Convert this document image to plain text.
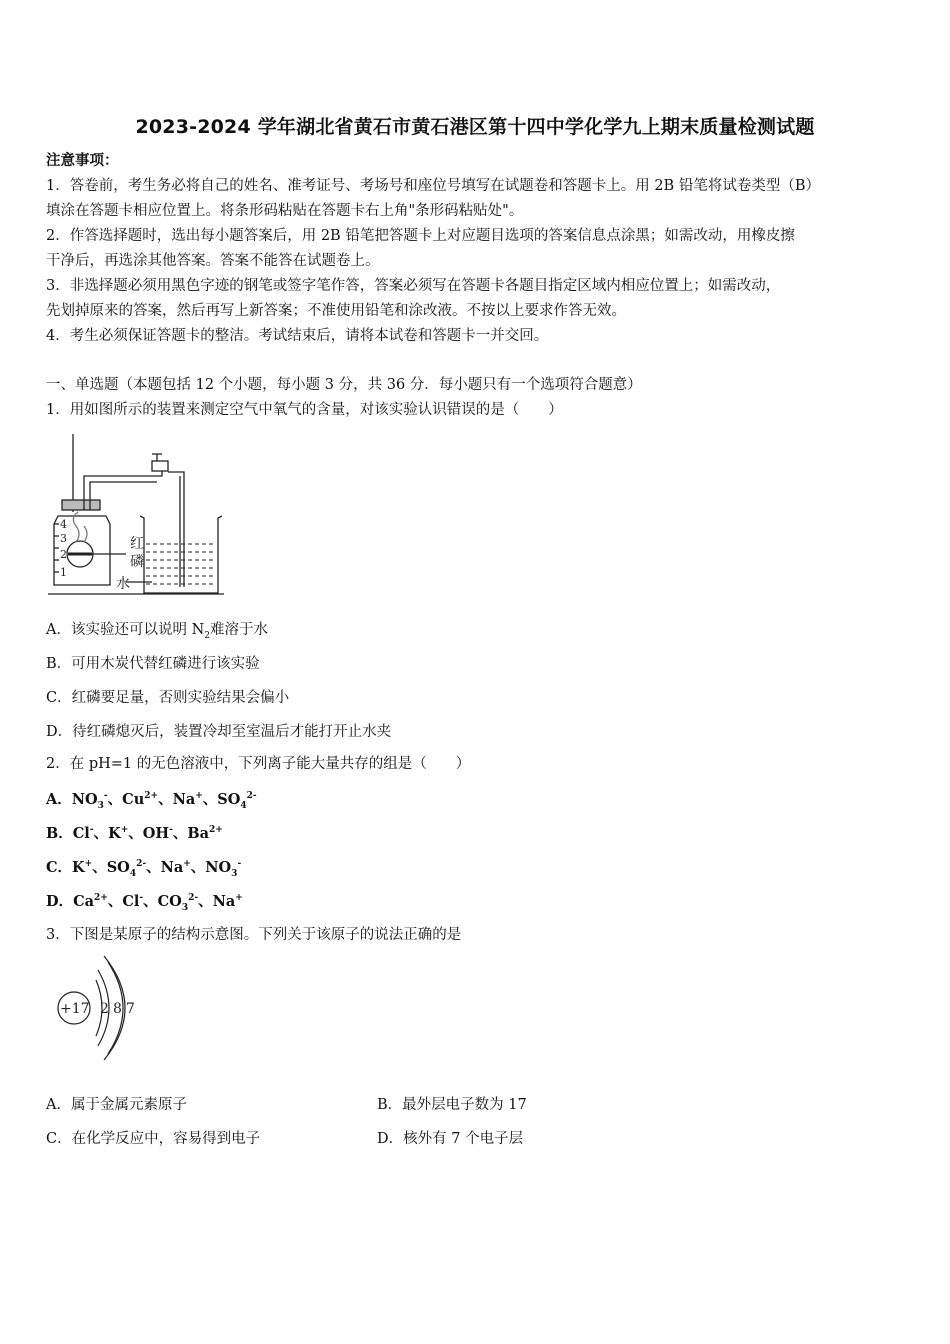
2023-2024 学年湖北省黄石市黄石港区第十四中学化学九上期末质量检测试题
注意事项：
1．答卷前，考生务必将自己的姓名、准考证号、考场号和座位号填写在试题卷和答题卡上。用 2B 铅笔将试卷类型（B）
填涂在答题卡相应位置上。将条形码粘贴在答题卡右上角"条形码粘贴处"。
2．作答选择题时，选出每小题答案后，用 2B 铅笔把答题卡上对应题目选项的答案信息点涂黑；如需改动，用橡皮擦
干净后，再选涂其他答案。答案不能答在试题卷上。
3．非选择题必须用黑色字迹的钢笔或签字笔作答，答案必须写在答题卡各题目指定区域内相应位置上；如需改动，
先划掉原来的答案，然后再写上新答案；不准使用铅笔和涂改液。不按以上要求作答无效。
4．考生必须保证答题卡的整洁。考试结束后，请将本试卷和答题卡一并交回。
一、单选题（本题包括 12 个小题，每小题 3 分，共 36 分．每小题只有一个选项符合题意）
1．用如图所示的装置来测定空气中氧气的含量，对该实验认识错误的是（　　）
4
3
2
1
红
磷
水
A．该实验还可以说明 $N_2$难溶于水
B．可用木炭代替红磷进行该实验
C．红磷要足量，否则实验结果会偏小
D．待红磷熄灭后，装置冷却至室温后才能打开止水夹
2．在 pH=1 的无色溶液中，下列离子能大量共存的组是（　　）
A．$NO_3^-$、$Cu^{2+}$、Na+、$SO_4^{2-}$
B．Cl-、K+、OH-、$Ba^{2+}$
C．K+、$SO_4^{2-}$、Na+、$NO_3^-$
D．$Ca^{2+}$、Cl-、$CO_3^{2-}$、Na+
3．下图是某原子的结构示意图。下列关于该原子的说法正确的是
+17 2 8 7
A．属于金属元素原子	B．最外层电子数为 17
C．在化学反应中，容易得到电子	D．核外有 7 个电子层
